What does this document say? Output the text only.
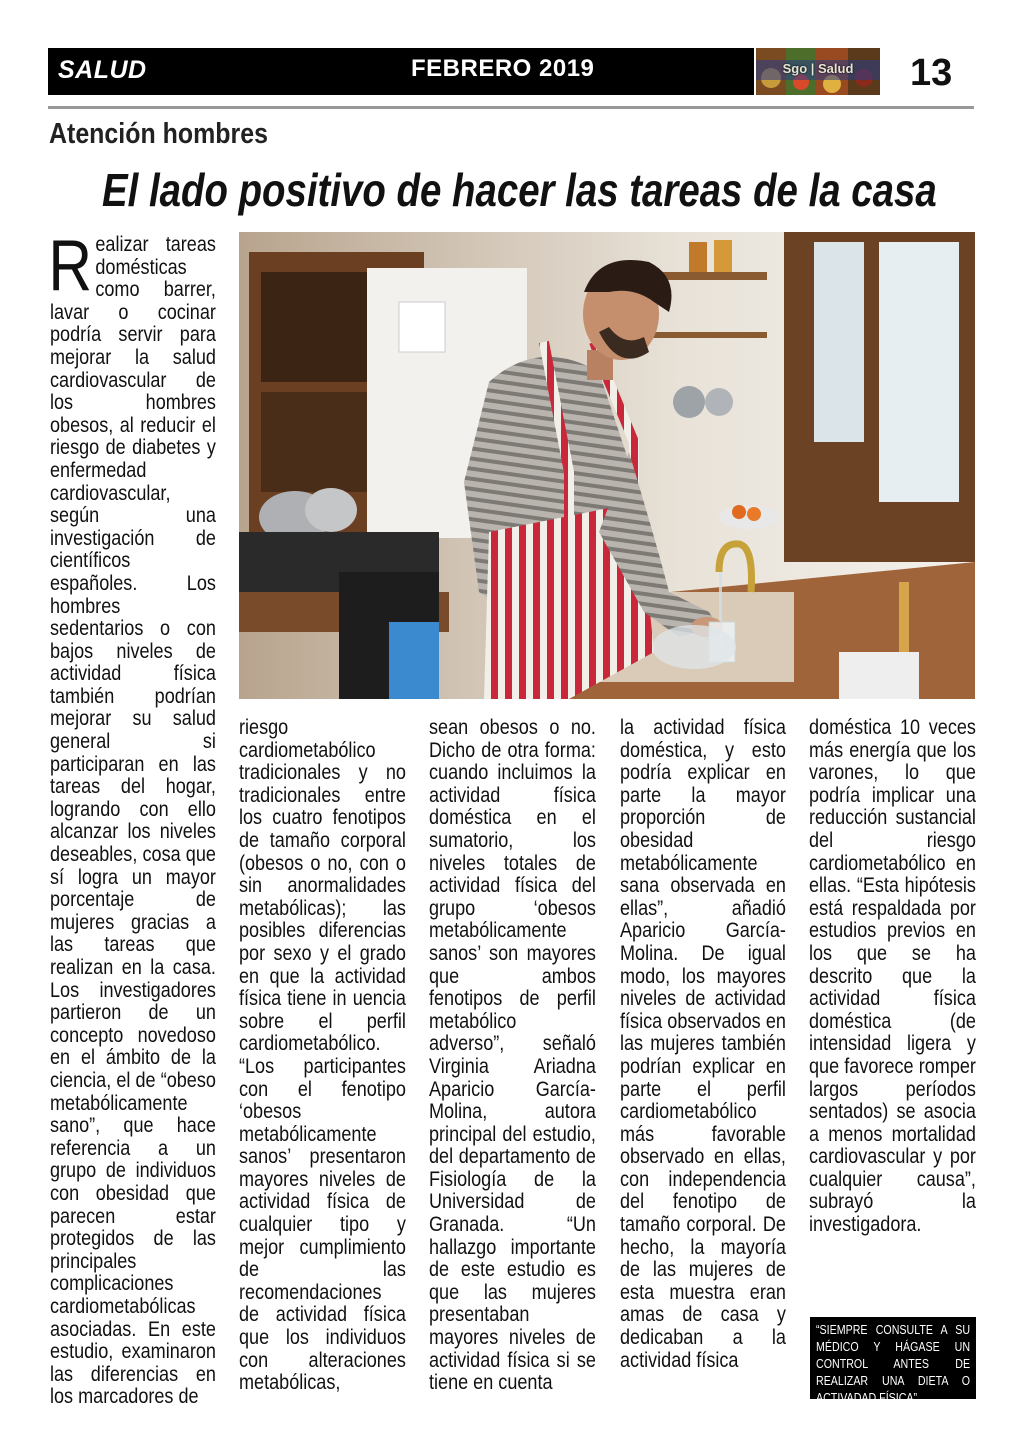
SALUD	FEBRERO 2019	Sgo | Salud	13
Atención hombres
El lado positivo de hacer las tareas de la casa

Realizar tareas domésticas como barrer, lavar o cocinar podría servir para mejorar la salud cardiovascular de los hombres obesos, al reducir el riesgo de diabetes y enfermedad cardiovascular, según una investigación de científicos españoles. Los hombres sedentarios o con bajos niveles de actividad física también podrían mejorar su salud general si participaran en las tareas del hogar, logrando con ello alcanzar los niveles deseables, cosa que sí logra un mayor porcentaje de mujeres gracias a las tareas que realizan en la casa. Los investigadores partieron de un concepto novedoso en el ámbito de la ciencia, el de “obeso metabólicamente sano”, que hace referencia a un grupo de individuos con obesidad que parecen estar protegidos de las principales complicaciones cardiometabólicas asociadas. En este estudio, examinaron las diferencias en los marcadores de

riesgo cardiometabólico tradicionales y no tradicionales entre los cuatro fenotipos de tamaño corporal (obesos o no, con o sin anormalidades metabólicas); las posibles diferencias por sexo y el grado en que la actividad física tiene in uencia sobre el perfil cardiometabólico. “Los participantes con el fenotipo ‘obesos metabólicamente sanos’ presentaron mayores niveles de actividad física de cualquier tipo y mejor cumplimiento de las recomendaciones de actividad física que los individuos con alteraciones metabólicas,

sean obesos o no. Dicho de otra forma: cuando incluimos la actividad física doméstica en el sumatorio, los niveles totales de actividad física del grupo ‘obesos metabólicamente sanos’ son mayores que ambos fenotipos de perfil metabólico adverso”, señaló Virginia Ariadna Aparicio García-Molina, autora principal del estudio, del departamento de Fisiología de la Universidad de Granada. “Un hallazgo importante de este estudio es que las mujeres presentaban mayores niveles de actividad física si se tiene en cuenta

la actividad física doméstica, y esto podría explicar en parte la mayor proporción de obesidad metabólicamente sana observada en ellas”, añadió Aparicio García-Molina. De igual modo, los mayores niveles de actividad física observados en las mujeres también podrían explicar en parte el perfil cardiometabólico más favorable observado en ellas, con independencia del fenotipo de tamaño corporal. De hecho, la mayoría de las mujeres de esta muestra eran amas de casa y dedicaban a la actividad física

doméstica 10 veces más energía que los varones, lo que podría implicar una reducción sustancial del riesgo cardiometabólico en ellas. “Esta hipótesis está respaldada por estudios previos en los que se ha descrito que la actividad física doméstica (de intensidad ligera y que favorece romper largos períodos sentados) se asocia a menos mortalidad cardiovascular y por cualquier causa”, subrayó la investigadora.

“SIEMPRE CONSULTE A SU MÉDICO Y HÁGASE UN CONTROL ANTES DE REALIZAR UNA DIETA O ACTIVADAD FÍSICA”
